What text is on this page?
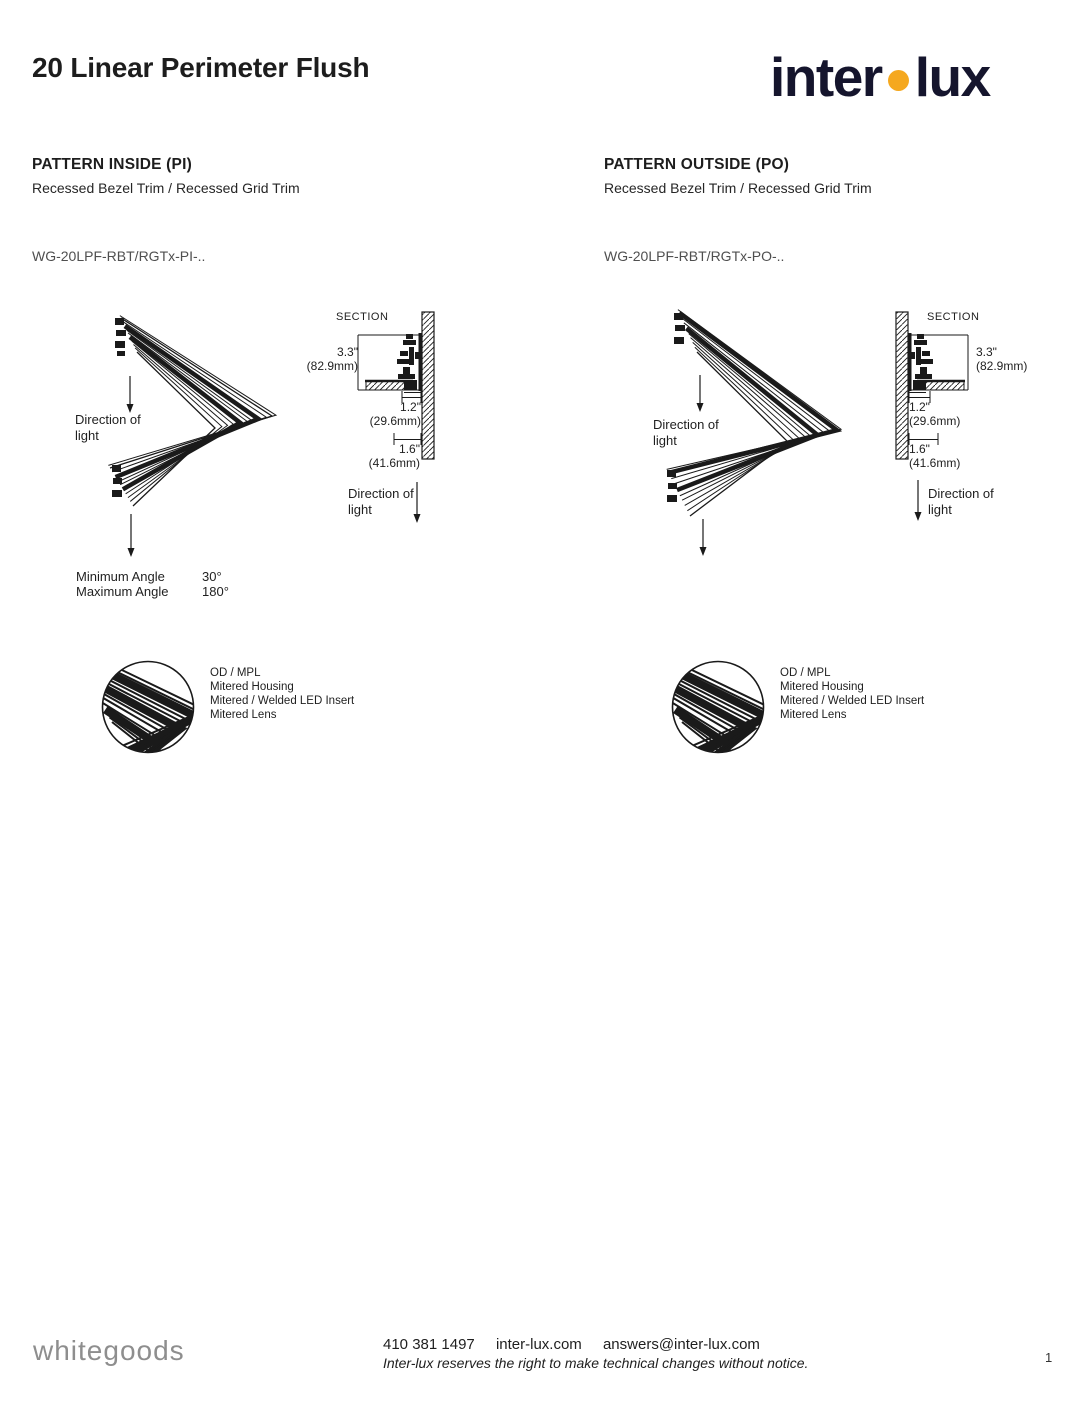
20 Linear Perimeter Flush	inter lux
PATTERN INSIDE (PI)
Recessed Bezel Trim / Recessed Grid Trim
WG-20LPF-RBT/RGTx-PI-..
PATTERN OUTSIDE (PO)
Recessed Bezel Trim / Recessed Grid Trim
WG-20LPF-RBT/RGTx-PO-..
Direction of light
SECTION
3.3"
(82.9mm)
1.2"
(29.6mm)
1.6"
(41.6mm)
Direction of light
Minimum Angle	30°
Maximum Angle	180°
OD / MPL
Mitered Housing
Mitered / Welded LED Insert
Mitered Lens
Direction of light
SECTION
3.3"
(82.9mm)
1.2"
(29.6mm)
1.6"
(41.6mm)
Direction of light
OD / MPL
Mitered Housing
Mitered / Welded LED Insert
Mitered Lens
whitegoods	410 381 1497 inter-lux.com answers@inter-lux.com
Inter-lux reserves the right to make technical changes without notice.	1
